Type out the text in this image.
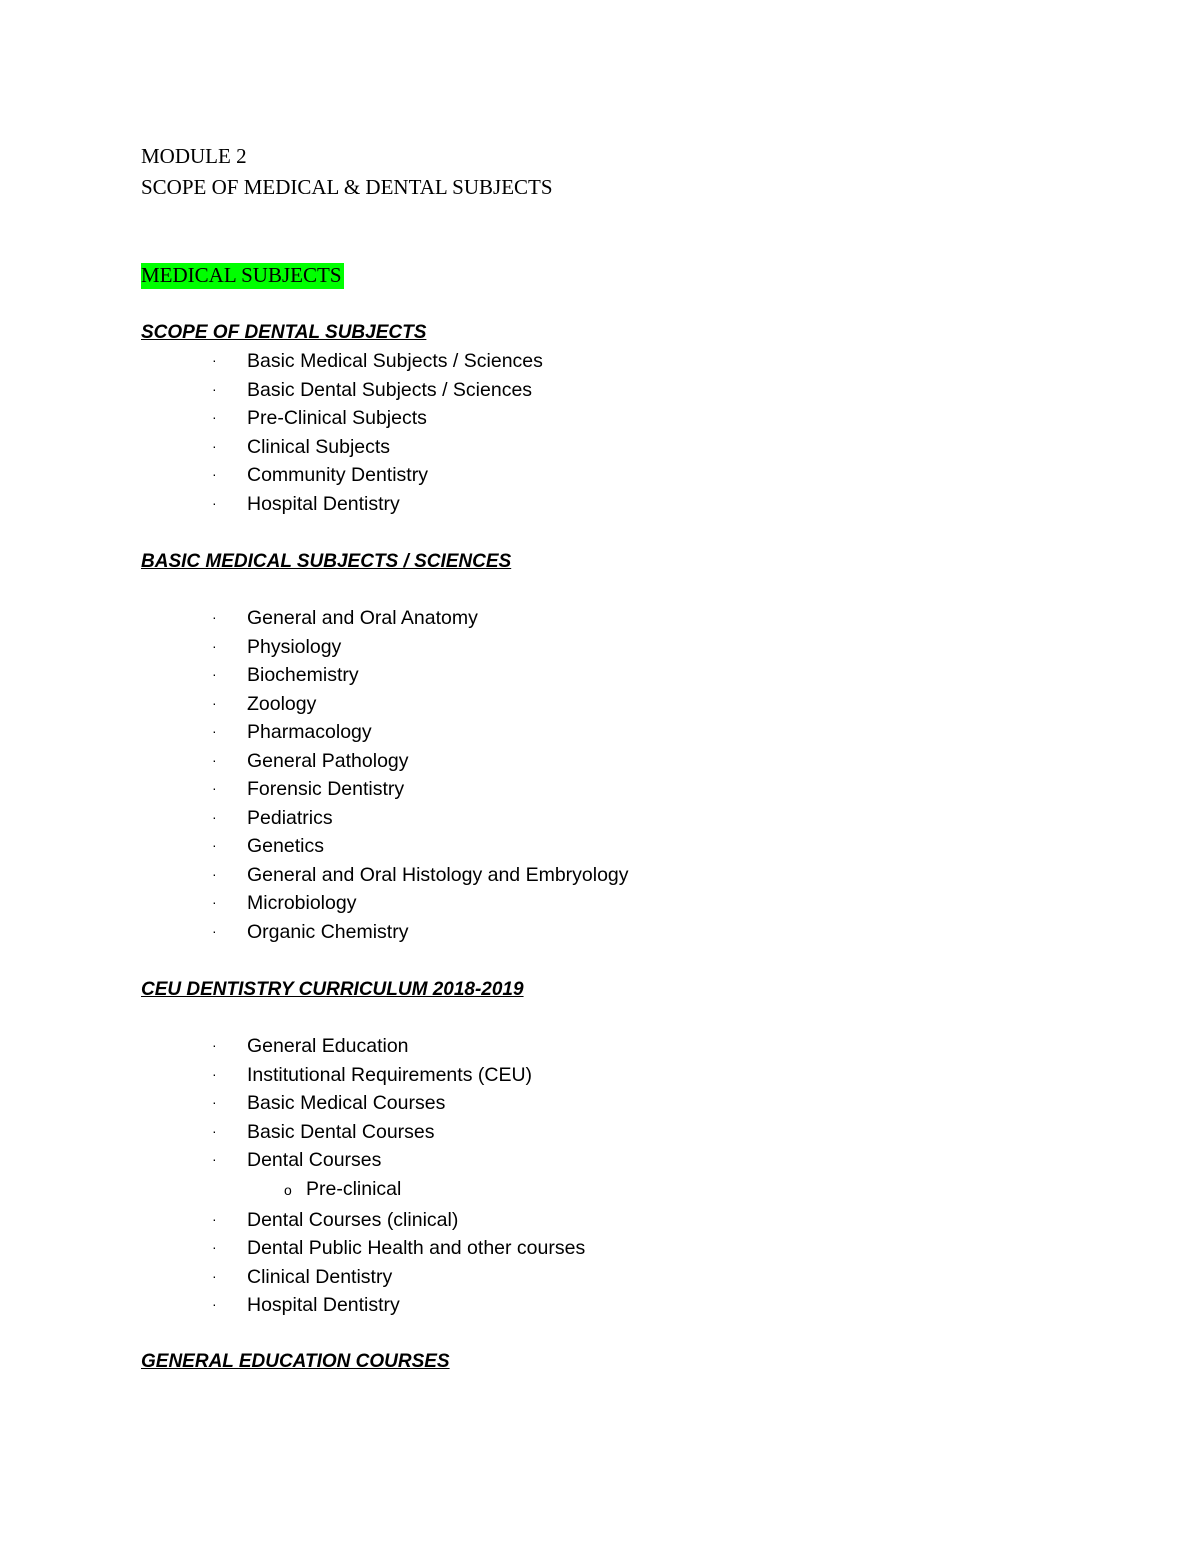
MODULE 2
SCOPE OF MEDICAL & DENTAL SUBJECTS
MEDICAL SUBJECTS
SCOPE OF DENTAL SUBJECTS
· Basic Medical Subjects / Sciences
· Basic Dental Subjects / Sciences
· Pre-Clinical Subjects
· Clinical Subjects
· Community Dentistry
· Hospital Dentistry
BASIC MEDICAL SUBJECTS / SCIENCES
· General and Oral Anatomy
· Physiology
· Biochemistry
· Zoology
· Pharmacology
· General Pathology
· Forensic Dentistry
· Pediatrics
· Genetics
· General and Oral Histology and Embryology
· Microbiology
· Organic Chemistry
CEU DENTISTRY CURRICULUM 2018-2019
· General Education
· Institutional Requirements (CEU)
· Basic Medical Courses
· Basic Dental Courses
· Dental Courses
o Pre-clinical
· Dental Courses (clinical)
· Dental Public Health and other courses
· Clinical Dentistry
· Hospital Dentistry
GENERAL EDUCATION COURSES
